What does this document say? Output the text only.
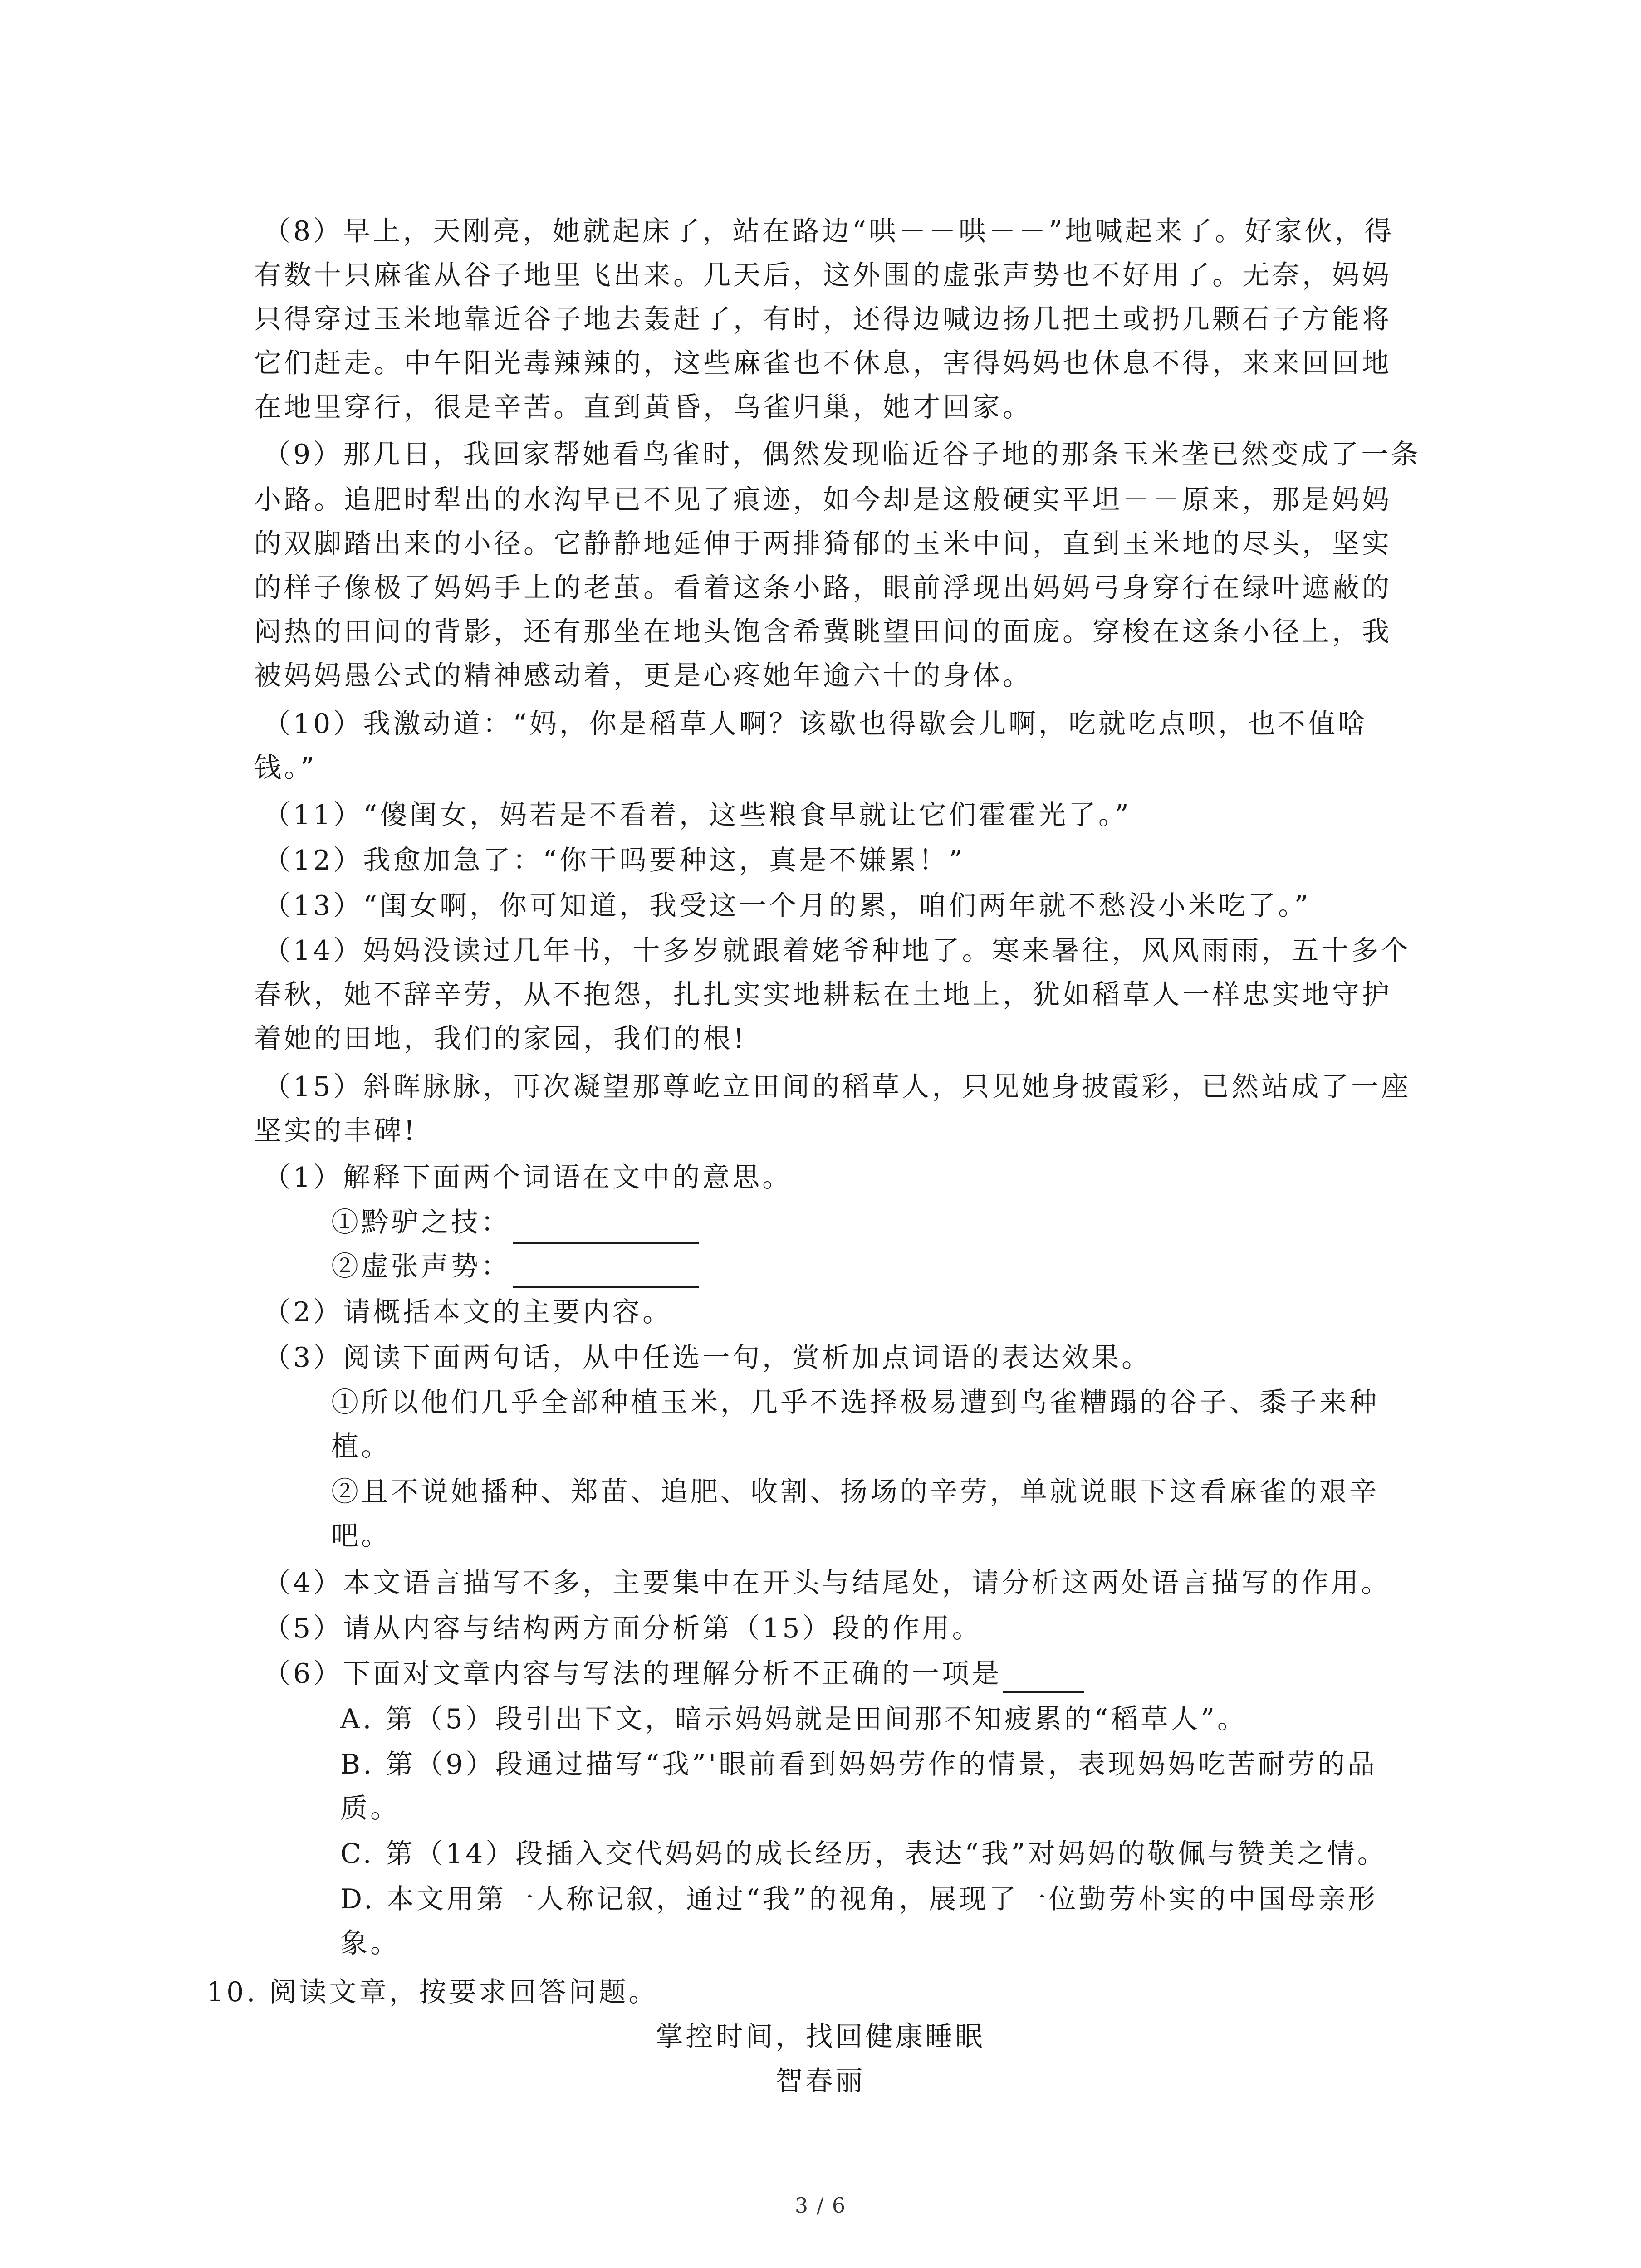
（8）早上，天刚亮，她就起床了，站在路边“哄－－哄－－”地喊起来了。好家伙，得
有数十只麻雀从谷子地里飞出来。几天后，这外围的虚张声势也不好用了。无奈，妈妈
只得穿过玉米地靠近谷子地去轰赶了，有时，还得边喊边扬几把土或扔几颗石子方能将
它们赶走。中午阳光毒辣辣的，这些麻雀也不休息，害得妈妈也休息不得，来来回回地
在地里穿行，很是辛苦。直到黄昏，乌雀归巢，她才回家。
（9）那几日，我回家帮她看鸟雀时，偶然发现临近谷子地的那条玉米垄已然变成了一条
小路。追肥时犁出的水沟早已不见了痕迹，如今却是这般硬实平坦－－原来，那是妈妈
的双脚踏出来的小径。它静静地延伸于两排猗郁的玉米中间，直到玉米地的尽头，坚实
的样子像极了妈妈手上的老茧。看着这条小路，眼前浮现出妈妈弓身穿行在绿叶遮蔽的
闷热的田间的背影，还有那坐在地头饱含希冀眺望田间的面庞。穿梭在这条小径上，我
被妈妈愚公式的精神感动着，更是心疼她年逾六十的身体。
（10）我激动道：“妈，你是稻草人啊？该歇也得歇会儿啊，吃就吃点呗，也不值啥
钱。”
（11）“傻闺女，妈若是不看着，这些粮食早就让它们霍霍光了。”
（12）我愈加急了：“你干吗要种这，真是不嫌累！”
（13）“闺女啊，你可知道，我受这一个月的累，咱们两年就不愁没小米吃了。”
（14）妈妈没读过几年书，十多岁就跟着姥爷种地了。寒来暑往，风风雨雨，五十多个
春秋，她不辞辛劳，从不抱怨，扎扎实实地耕耘在土地上，犹如稻草人一样忠实地守护
着她的田地，我们的家园，我们的根!
（15）斜晖脉脉，再次凝望那尊屹立田间的稻草人，只见她身披霞彩，已然站成了一座
坚实的丰碑!
（1）解释下面两个词语在文中的意思。
①黔驴之技：
②虚张声势：
（2）请概括本文的主要内容。
（3）阅读下面两句话，从中任选一句，赏析加点词语的表达效果。
①所以他们几乎全部种植玉米，几乎不选择极易遭到鸟雀糟蹋的谷子、黍子来种
植。
②且不说她播种、郑苗、追肥、收割、扬场的辛劳，单就说眼下这看麻雀的艰辛
吧。
（4）本文语言描写不多，主要集中在开头与结尾处，请分析这两处语言描写的作用。
（5）请从内容与结构两方面分析第（15）段的作用。
（6）下面对文章内容与写法的理解分析不正确的一项是
A. 第（5）段引出下文，暗示妈妈就是田间那不知疲累的“稻草人”。
B. 第（9）段通过描写“我”'眼前看到妈妈劳作的情景，表现妈妈吃苦耐劳的品
质。
C. 第（14）段插入交代妈妈的成长经历，表达“我”对妈妈的敬佩与赞美之情。
D. 本文用第一人称记叙，通过“我”的视角，展现了一位勤劳朴实的中国母亲形
象。
10. 阅读文章，按要求回答问题。
掌控时间，找回健康睡眠
智春丽
3 / 6
